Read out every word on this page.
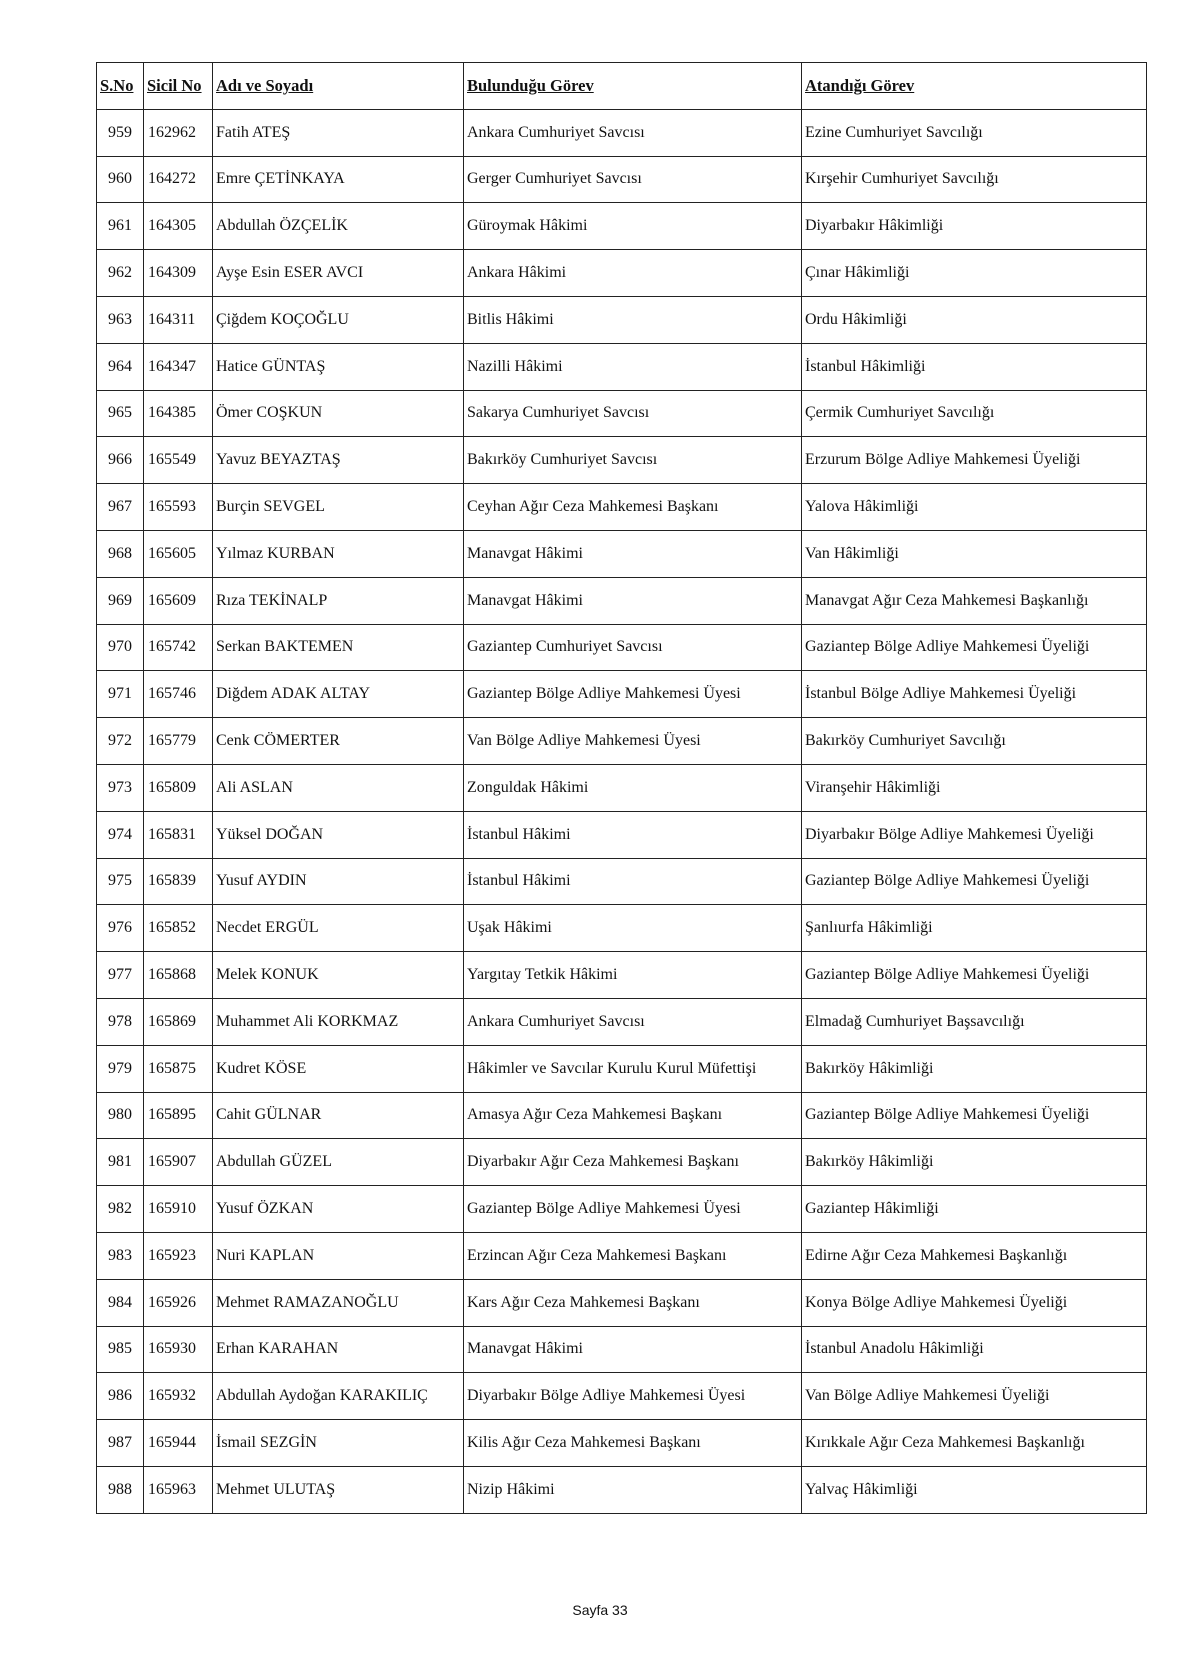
S.No	Sicil No	Adı ve Soyadı	Bulunduğu Görev	Atandığı Görev
959	162962	Fatih ATEŞ	Ankara Cumhuriyet Savcısı	Ezine Cumhuriyet Savcılığı
960	164272	Emre ÇETİNKAYA	Gerger Cumhuriyet Savcısı	Kırşehir Cumhuriyet Savcılığı
961	164305	Abdullah ÖZÇELİK	Güroymak Hâkimi	Diyarbakır Hâkimliği
962	164309	Ayşe Esin ESER AVCI	Ankara Hâkimi	Çınar Hâkimliği
963	164311	Çiğdem KOÇOĞLU	Bitlis Hâkimi	Ordu Hâkimliği
964	164347	Hatice GÜNTAŞ	Nazilli Hâkimi	İstanbul Hâkimliği
965	164385	Ömer COŞKUN	Sakarya Cumhuriyet Savcısı	Çermik Cumhuriyet Savcılığı
966	165549	Yavuz BEYAZTAŞ	Bakırköy Cumhuriyet Savcısı	Erzurum Bölge Adliye Mahkemesi Üyeliği
967	165593	Burçin SEVGEL	Ceyhan Ağır Ceza Mahkemesi Başkanı	Yalova Hâkimliği
968	165605	Yılmaz KURBAN	Manavgat Hâkimi	Van Hâkimliği
969	165609	Rıza TEKİNALP	Manavgat Hâkimi	Manavgat Ağır Ceza Mahkemesi Başkanlığı
970	165742	Serkan BAKTEMEN	Gaziantep Cumhuriyet Savcısı	Gaziantep Bölge Adliye Mahkemesi Üyeliği
971	165746	Diğdem ADAK ALTAY	Gaziantep Bölge Adliye Mahkemesi Üyesi	İstanbul Bölge Adliye Mahkemesi Üyeliği
972	165779	Cenk CÖMERTER	Van Bölge Adliye Mahkemesi Üyesi	Bakırköy Cumhuriyet Savcılığı
973	165809	Ali ASLAN	Zonguldak Hâkimi	Viranşehir Hâkimliği
974	165831	Yüksel DOĞAN	İstanbul Hâkimi	Diyarbakır Bölge Adliye Mahkemesi Üyeliği
975	165839	Yusuf AYDIN	İstanbul Hâkimi	Gaziantep Bölge Adliye Mahkemesi Üyeliği
976	165852	Necdet ERGÜL	Uşak Hâkimi	Şanlıurfa Hâkimliği
977	165868	Melek KONUK	Yargıtay Tetkik Hâkimi	Gaziantep Bölge Adliye Mahkemesi Üyeliği
978	165869	Muhammet Ali KORKMAZ	Ankara Cumhuriyet Savcısı	Elmadağ Cumhuriyet Başsavcılığı
979	165875	Kudret KÖSE	Hâkimler ve Savcılar Kurulu Kurul Müfettişi	Bakırköy Hâkimliği
980	165895	Cahit GÜLNAR	Amasya Ağır Ceza Mahkemesi Başkanı	Gaziantep Bölge Adliye Mahkemesi Üyeliği
981	165907	Abdullah GÜZEL	Diyarbakır Ağır Ceza Mahkemesi Başkanı	Bakırköy Hâkimliği
982	165910	Yusuf ÖZKAN	Gaziantep Bölge Adliye Mahkemesi Üyesi	Gaziantep Hâkimliği
983	165923	Nuri KAPLAN	Erzincan Ağır Ceza Mahkemesi Başkanı	Edirne Ağır Ceza Mahkemesi Başkanlığı
984	165926	Mehmet RAMAZANOĞLU	Kars Ağır Ceza Mahkemesi Başkanı	Konya Bölge Adliye Mahkemesi Üyeliği
985	165930	Erhan KARAHAN	Manavgat Hâkimi	İstanbul Anadolu Hâkimliği
986	165932	Abdullah Aydoğan KARAKILIÇ	Diyarbakır Bölge Adliye Mahkemesi Üyesi	Van Bölge Adliye Mahkemesi Üyeliği
987	165944	İsmail SEZGİN	Kilis Ağır Ceza Mahkemesi Başkanı	Kırıkkale Ağır Ceza Mahkemesi Başkanlığı
988	165963	Mehmet ULUTAŞ	Nizip Hâkimi	Yalvaç Hâkimliği
Sayfa 33
